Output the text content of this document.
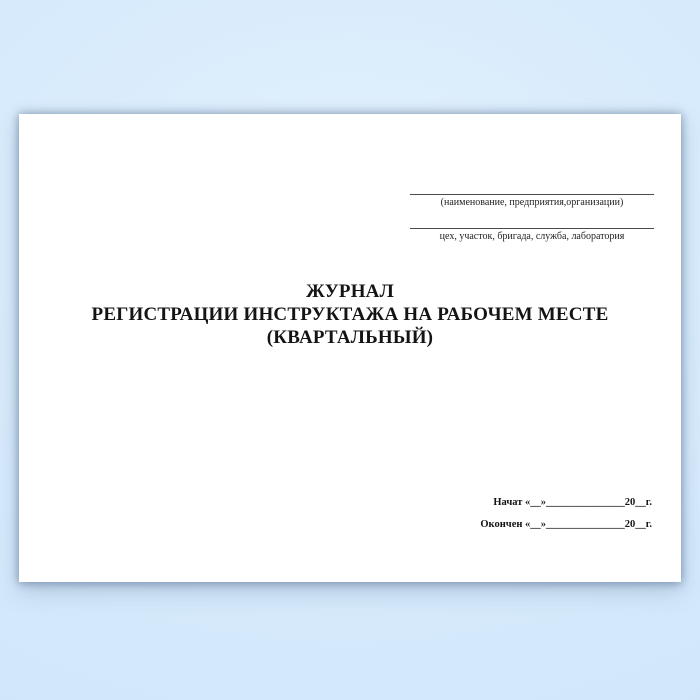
(наименование, предприятия,организации)
цех, участок, бригада, служба, лаборатория
ЖУРНАЛ
РЕГИСТРАЦИИ ИНСТРУКТАЖА НА РАБОЧЕМ МЕСТЕ
(КВАРТАЛЬНЫЙ)
Начат «__»_______________20__г.
Окончен «__»_______________20__г.
